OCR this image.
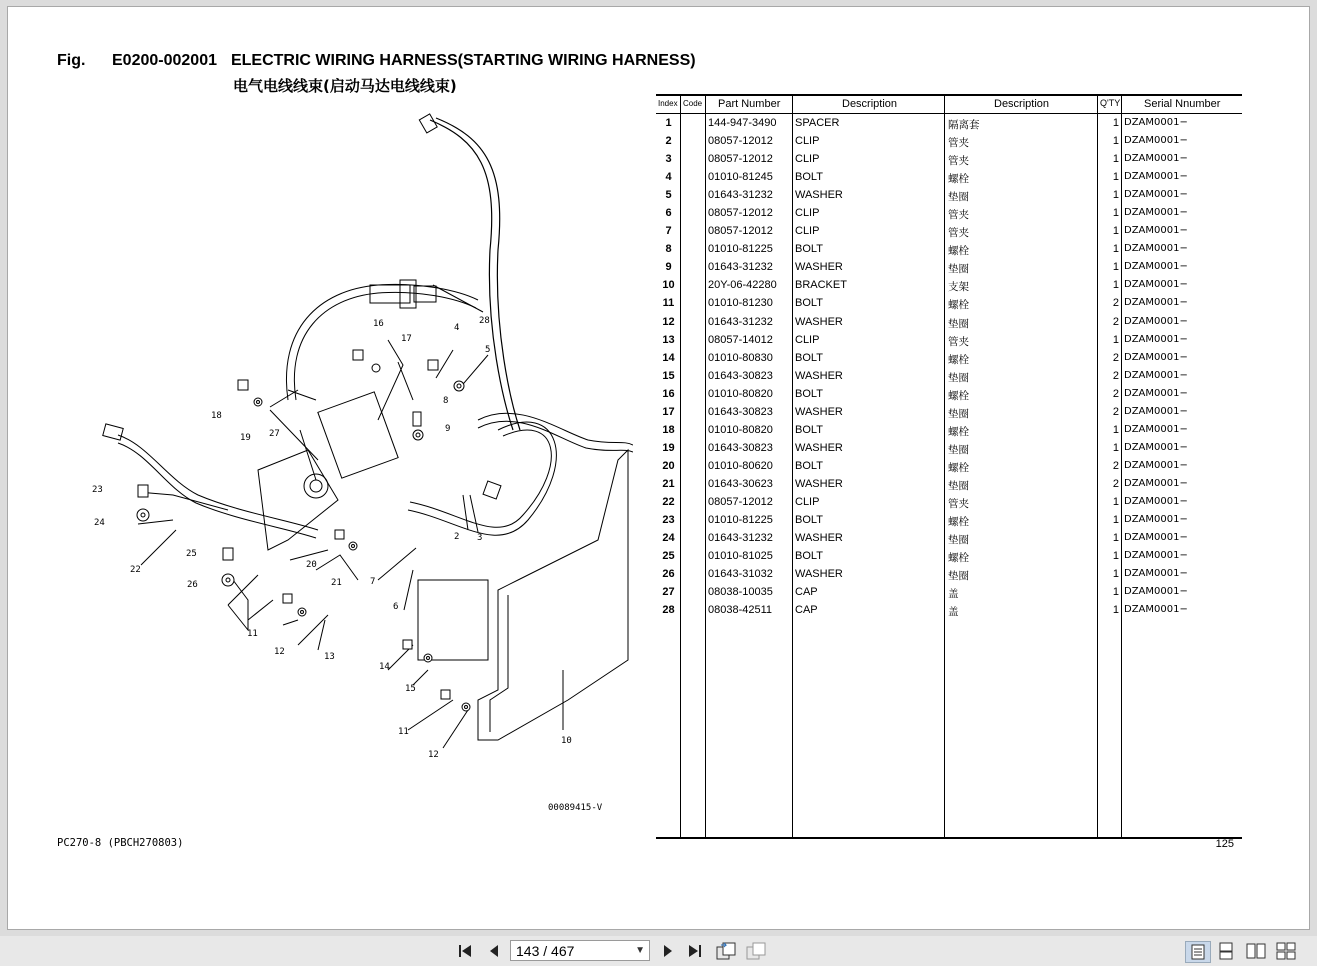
Fig. E0200-002001 ELECTRIC WIRING HARNESS(STARTING WIRING HARNESS)
电气电线线束(启动马达电线线束)
28
4
5
16
17
8
9
18
19 27
23
24
22
25
26
20
21	7
6
2 3
11
12	13
14
15
11
12
10
00089415-V
Index Code Part Number	Description	Description	Q'TY Serial Nnumber
1	144-947-3490 SPACER	隔离套	1 DZAM0001−
2	08057-12012 CLIP	管夹	1 DZAM0001−
3	08057-12012 CLIP	管夹	1 DZAM0001−
4	01010-81245 BOLT	螺栓	1 DZAM0001−
5	01643-31232 WASHER	垫圈	1 DZAM0001−
6	08057-12012 CLIP	管夹	1 DZAM0001−
7	08057-12012 CLIP	管夹	1 DZAM0001−
8	01010-81225 BOLT	螺栓	1 DZAM0001−
9	01643-31232 WASHER	垫圈	1 DZAM0001−
10	20Y-06-42280 BRACKET	支架	1 DZAM0001−
11	01010-81230 BOLT	螺栓	2 DZAM0001−
12	01643-31232 WASHER	垫圈	2 DZAM0001−
13	08057-14012 CLIP	管夹	1 DZAM0001−
14	01010-80830 BOLT	螺栓	2 DZAM0001−
15	01643-30823 WASHER	垫圈	2 DZAM0001−
16	01010-80820 BOLT	螺栓	2 DZAM0001−
17	01643-30823 WASHER	垫圈	2 DZAM0001−
18	01010-80820 BOLT	螺栓	1 DZAM0001−
19	01643-30823 WASHER	垫圈	1 DZAM0001−
20	01010-80620 BOLT	螺栓	2 DZAM0001−
21	01643-30623 WASHER	垫圈	2 DZAM0001−
22	08057-12012 CLIP	管夹	1 DZAM0001−
23	01010-81225 BOLT	螺栓	1 DZAM0001−
24	01643-31232 WASHER	垫圈	1 DZAM0001−
25	01010-81025 BOLT	螺栓	1 DZAM0001−
26	01643-31032 WASHER	垫圈	1 DZAM0001−
27	08038-10035 CAP	盖	1 DZAM0001−
28	08038-42511 CAP	盖	1 DZAM0001−
PC270-8 (PBCH270803)	125
143 / 467	▼
